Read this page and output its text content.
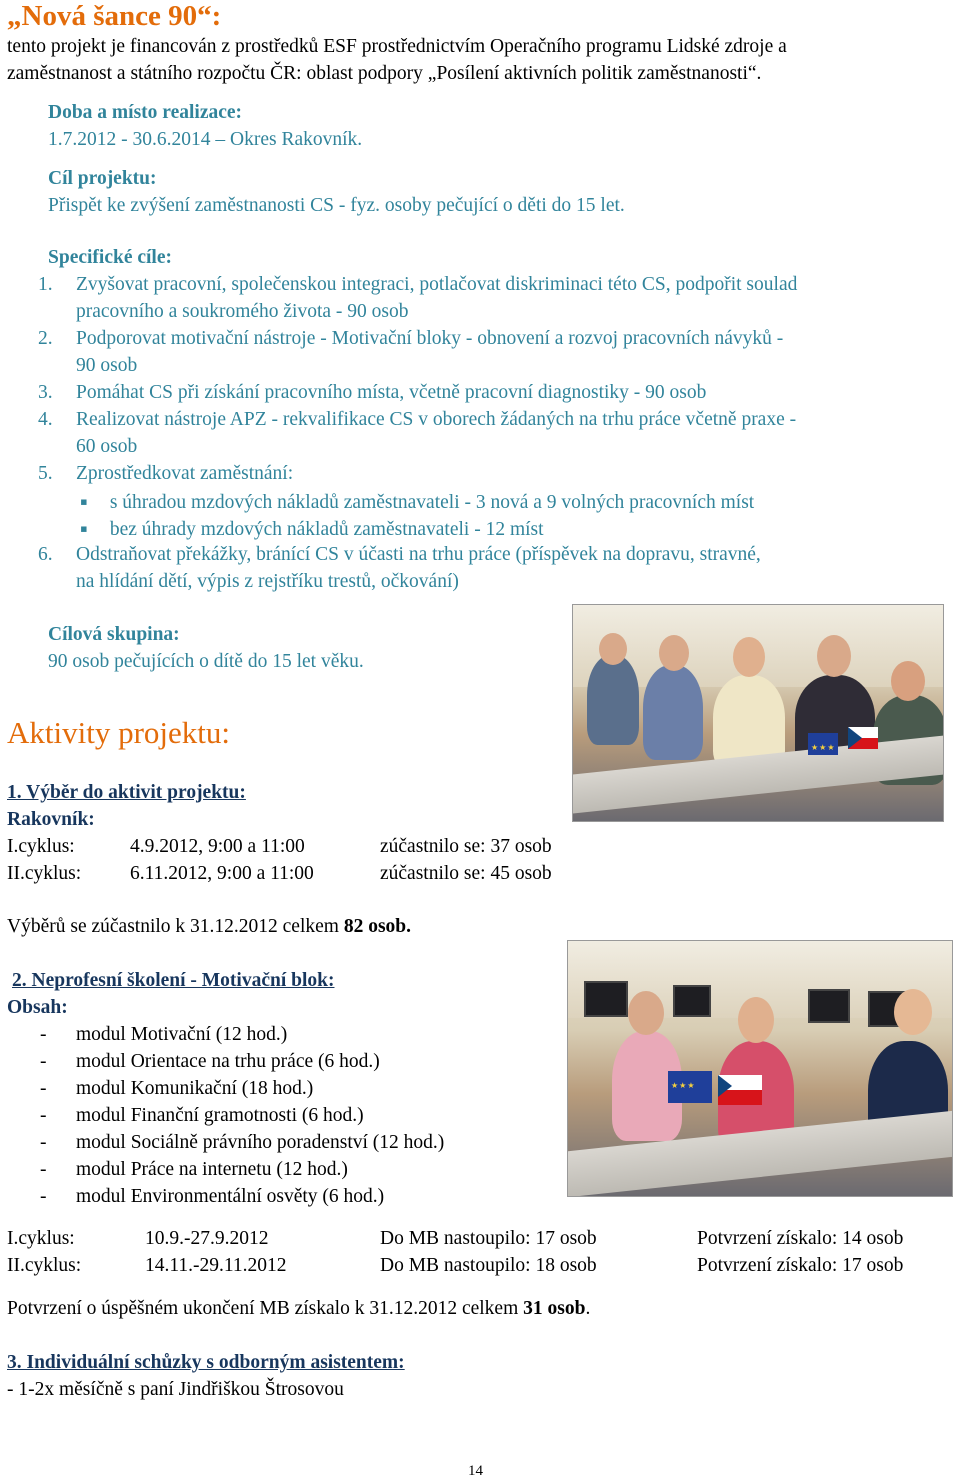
„Nová šance 90“:
tento projekt je financován z prostředků ESF prostřednictvím Operačního programu Lidské zdroje a
zaměstnanost a státního rozpočtu ČR: oblast podpory „Posílení aktivních politik zaměstnanosti“.
Doba a místo realizace:
1.7.2012 - 30.6.2014 – Okres Rakovník.
Cíl projektu:
Přispět ke zvýšení zaměstnanosti CS - fyz. osoby pečující o děti do 15 let.
Specifické cíle:
1. Zvyšovat pracovní, společenskou integraci, potlačovat diskriminaci této CS, podpořit soulad
pracovního a soukromého života - 90 osob
2. Podporovat motivační nástroje - Motivační bloky - obnovení a rozvoj pracovních návyků -
90 osob
3. Pomáhat CS při získání pracovního místa, včetně pracovní diagnostiky - 90 osob
4. Realizovat nástroje APZ - rekvalifikace CS v oborech žádaných na trhu práce včetně praxe -
60 osob
5. Zprostředkovat zaměstnání:
▪ s úhradou mzdových nákladů zaměstnavateli - 3 nová a 9 volných pracovních míst
▪ bez úhrady mzdových nákladů zaměstnavateli - 12 míst
6. Odstraňovat překážky, bránící CS v účasti na trhu práce (příspěvek na dopravu, stravné,
na hlídání dětí, výpis z rejstříku trestů, očkování)
Cílová skupina:
90 osob pečujících o dítě do 15 let věku.
★★★
Aktivity projektu:
1. Výběr do aktivit projektu:
Rakovník:
I.cyklus:	4.9.2012, 9:00 a 11:00	zúčastnilo se: 37 osob
II.cyklus:	6.11.2012, 9:00 a 11:00	zúčastnilo se: 45 osob
Výběrů se zúčastnilo k 31.12.2012 celkem 82 osob.
★★★
2. Neprofesní školení - Motivační blok:
Obsah:
- modul Motivační (12 hod.)
- modul Orientace na trhu práce (6 hod.)
- modul Komunikační (18 hod.)
- modul Finanční gramotnosti (6 hod.)
- modul Sociálně právního poradenství (12 hod.)
- modul Práce na internetu (12 hod.)
- modul Environmentální osvěty (6 hod.)
I.cyklus:	10.9.-27.9.2012	Do MB nastoupilo: 17 osob	Potvrzení získalo: 14 osob
II.cyklus:	14.11.-29.11.2012	Do MB nastoupilo: 18 osob	Potvrzení získalo: 17 osob
Potvrzení o úspěšném ukončení MB získalo k 31.12.2012 celkem 31 osob.
3. Individuální schůzky s odborným asistentem:
- 1-2x měsíčně s paní Jindřiškou Štrosovou
14
